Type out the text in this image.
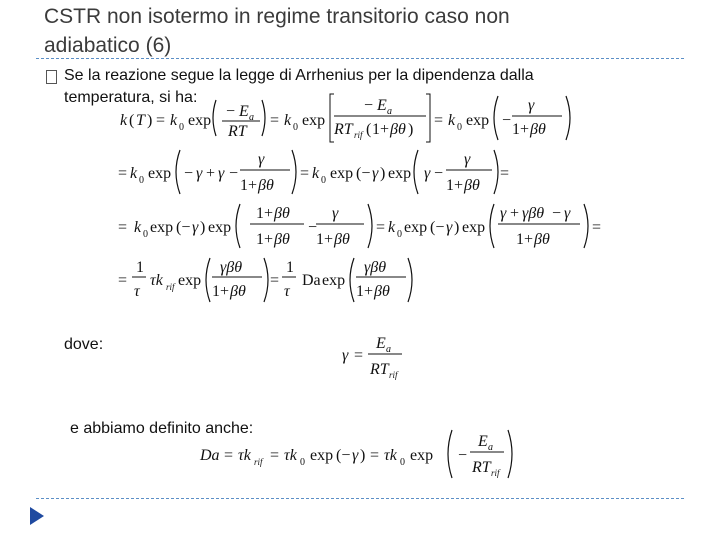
CSTR non isotermo in regime transitorio caso non
adiabatico (6)
Se la reazione segue la legge di Arrhenius per la dipendenza dalla
temperatura, si ha:
k ( T ) = k 0 exp
− E a
RT
= k 0 exp
− E a
RT rif ( 1+ βθ )
= k 0 exp −
γ
1+ βθ
= k 0 exp − γ + γ −
γ
1+ βθ
= k 0 exp (− γ ) exp γ −
γ
1+ βθ
=
= k 0 exp (− γ ) exp
1+ βθ
1+ βθ
−
γ
1+ βθ
= k 0 exp (− γ ) exp
γ + γβθ − γ
1+ βθ
=
=
1
τ
τk rif exp
γβθ
1+ βθ
=
1
τ
Da exp
γβθ
1+ βθ
γ =
E a
RT rif
Da = τk rif = τk 0 exp (− γ ) = τk 0 exp −
E a
RT rif
dove:
e abbiamo definito anche:
